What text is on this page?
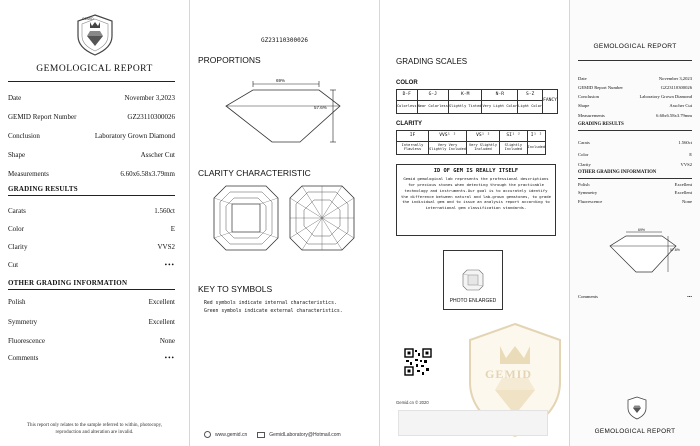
GEMID
GEMOLOGICAL REPORT
Date	November 3,2023
GEMID Report Number	GZ23110300026
Conclusion	Laboratory Grown Diamond
Shape	Asscher Cut
Measurements	6.60x6.58x3.79mm
GRADING RESULTS
Carats	1.560ct
Color	E
Clarity	VVS2
Cut	•••
OTHER GRADING INFORMATION
Polish	Excellent
Symmetry	Excellent
Fluorescence	None
Comments	•••
This report only relates to the sample referred to within, photocopy, reproduction and alteration are invalid.
GZ23110300026
PROPORTIONS
69%
57.6%
CLARITY CHARACTERISTIC
KEY TO SYMBOLS
Red symbols indicate internal characteristics.
Green symbols indicate external characteristics.
www.gemid.cn	GemidLaboratory@Hotmail.com
GRADING SCALES
COLOR
D-F	G-J	K-M	N-R	S-Z	FANCY
Colorless	Near Colorless	Slightly Tinted	Very Light Color	Light Color	
CLARITY
IF	VVS¹ ²	VS¹ ²	SI¹ ²	I¹ ²
Internally Flawless	Very Very Slightly Included	Very Slightly Included	Slightly Included	Included
ID OF GEM IS REALLY ITSELF
Gemid gemological lab represents the professional descriptions for precious stones when detecting through the practicable technology and instruments.Our goal is to accurately identify the difference between natural and lab-grown gemstones, to grade the individual gem and to issue an analysis report according to international gem classification standards.
PHOTO ENLARGED
GEMID
Gemid.cn © 2020
GEMOLOGICAL REPORT
Date	November 3,2023
GEMID Report Number	GZ23110300026
Conclusion	Laboratory Grown Diamond
Shape	Asscher Cut
Measurements	6.60x6.58x3.79mm
GRADING RESULTS
Carats	1.560ct
Color	E
Clarity	VVS2
OTHER GRADING INFORMATION
Polish	Excellent
Symmetry	Excellent
Fluorescence	None
69%
57.6%
Comments	•••
GEMOLOGICAL REPORT
